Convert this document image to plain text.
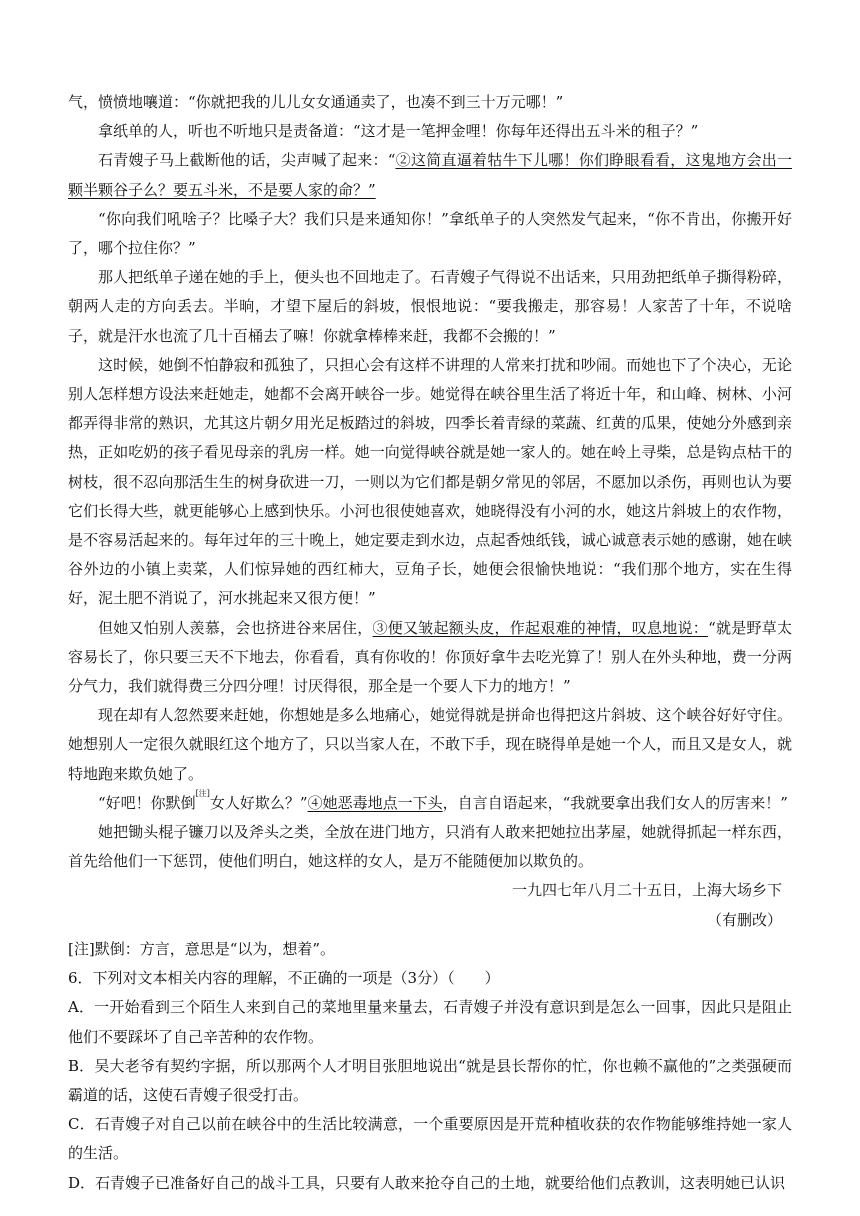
气，愤愤地嚷道：“你就把我的儿儿女女通通卖了，也凑不到三十万元哪！”

拿纸单的人，听也不听地只是责备道：“这才是一笔押金哩！你每年还得出五斗米的租子？”

石青嫂子马上截断他的话，尖声喊了起来：“②这简直逼着牯牛下儿哪！你们睁眼看看，这鬼地方会出一颗半颗谷子么？要五斗米，不是要人家的命？”

“你向我们吼啥子？比嗓子大？我们只是来通知你！”拿纸单子的人突然发气起来，“你不肯出，你搬开好了，哪个拉住你？”

那人把纸单子递在她的手上，便头也不回地走了。石青嫂子气得说不出话来，只用劲把纸单子撕得粉碎，朝两人走的方向丢去。半晌，才望下屋后的斜坡，恨恨地说：“要我搬走，那容易！人家苦了十年，不说啥子，就是汗水也流了几十百桶去了嘛！你就拿棒棒来赶，我都不会搬的！”

这时候，她倒不怕静寂和孤独了，只担心会有这样不讲理的人常来打扰和吵闹。而她也下了个决心，无论别人怎样想方设法来赶她走，她都不会离开峡谷一步。她觉得在峡谷里生活了将近十年，和山峰、树林、小河都弄得非常的熟识，尤其这片朝夕用光足板踏过的斜坡，四季长着青绿的菜蔬、红黄的瓜果，使她分外感到亲热，正如吃奶的孩子看见母亲的乳房一样。她一向觉得峡谷就是她一家人的。她在岭上寻柴，总是钩点枯干的树枝，很不忍向那活生生的树身砍进一刀，一则以为它们都是朝夕常见的邻居，不愿加以杀伤，再则也认为要它们长得大些，就更能够心上感到快乐。小河也很使她喜欢，她晓得没有小河的水，她这片斜坡上的农作物，是不容易活起来的。每年过年的三十晚上，她定要走到水边，点起香烛纸钱，诚心诚意表示她的感谢，她在峡谷外边的小镇上卖菜，人们惊异她的西红柿大，豆角子长，她便会很愉快地说：“我们那个地方，实在生得好，泥土肥不消说了，河水挑起来又很方便！”

但她又怕别人羡慕，会也挤进谷来居住，③便又皱起额头皮，作起艰难的神情，叹息地说：“就是野草太容易长了，你只要三天不下地去，你看看，真有你收的！你顶好拿牛去吃光算了！别人在外头种地，费一分两分气力，我们就得费三分四分哩！讨厌得很，那全是一个要人下力的地方！”

现在却有人忽然要来赶她，你想她是多么地痛心，她觉得就是拼命也得把这片斜坡、这个峡谷好好守住。她想别人一定很久就眼红这个地方了，只以当家人在，不敢下手，现在晓得单是她一个人，而且又是女人，就特地跑来欺负她了。

“好吧！你默倒[注]女人好欺么？”④她恶毒地点一下头，自言自语起来，“我就要拿出我们女人的厉害来！”

她把锄头棍子镰刀以及斧头之类，全放在进门地方，只消有人敢来把她拉出茅屋，她就得抓起一样东西，首先给他们一下惩罚，使他们明白，她这样的女人，是万不能随便加以欺负的。

一九四七年八月二十五日，上海大场乡下

（有删改）

[注]默倒：方言，意思是“以为，想着”。

6．下列对文本相关内容的理解，不正确的一项是（3分）（　　）

A．一开始看到三个陌生人来到自己的菜地里量来量去，石青嫂子并没有意识到是怎么一回事，因此只是阻止他们不要踩坏了自己辛苦种的农作物。

B．吴大老爷有契约字据，所以那两个人才明目张胆地说出“就是县长帮你的忙，你也赖不赢他的”之类强硬而霸道的话，这使石青嫂子很受打击。

C．石青嫂子对自己以前在峡谷中的生活比较满意，一个重要原因是开荒种植收获的农作物能够维持她一家人的生活。

D．石青嫂子已准备好自己的战斗工具，只要有人敢来抢夺自己的土地，就要给他们点教训，这表明她已认识
